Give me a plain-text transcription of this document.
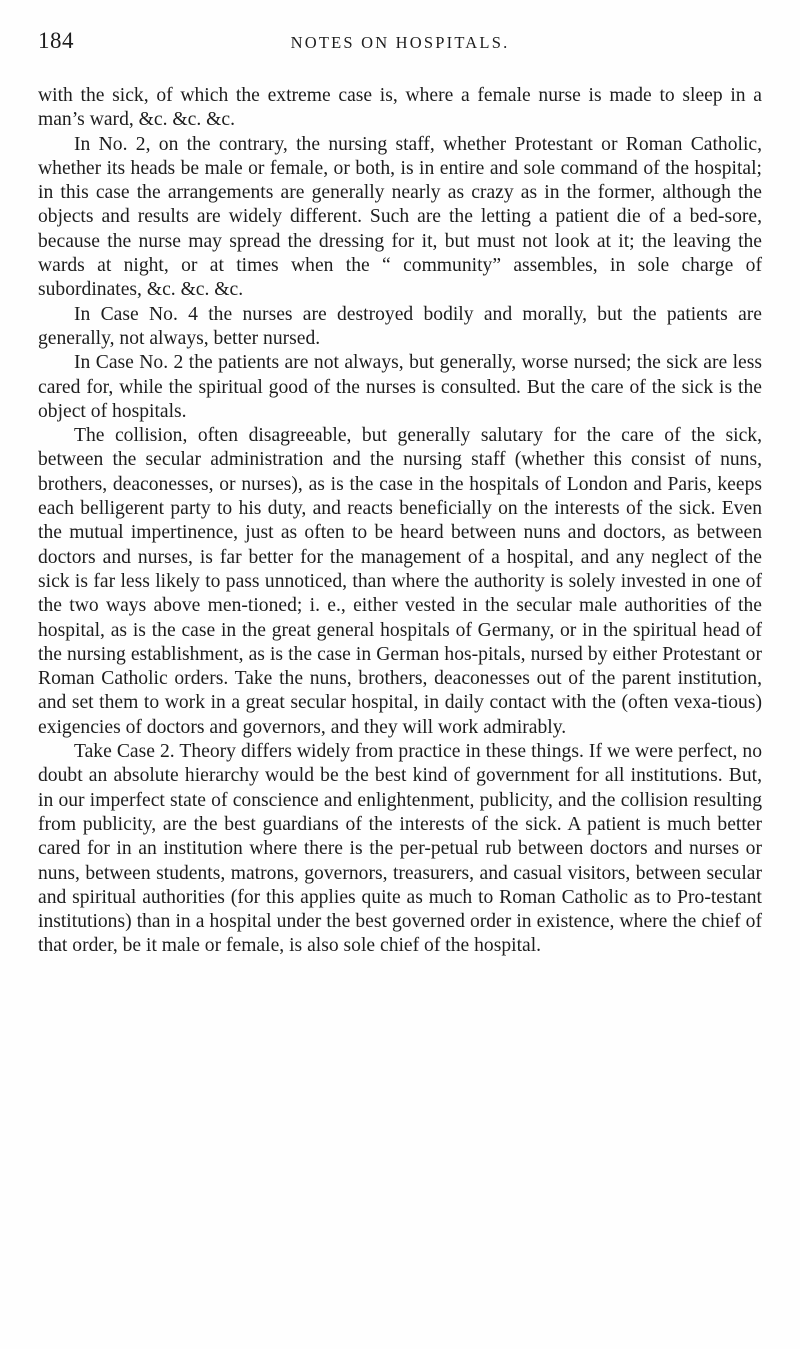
184	NOTES ON HOSPITALS.

with the sick, of which the extreme case is, where a female nurse is made to sleep in a man’s ward, &c. &c. &c.

In No. 2, on the contrary, the nursing staff, whether Protestant or Roman Catholic, whether its heads be male or female, or both, is in entire and sole command of the hospital; in this case the arrangements are generally nearly as crazy as in the former, although the objects and results are widely different. Such are the letting a patient die of a bed-sore, because the nurse may spread the dressing for it, but must not look at it; the leaving the wards at night, or at times when the “ community” assembles, in sole charge of subordinates, &c. &c. &c.

In Case No. 4 the nurses are destroyed bodily and morally, but the patients are generally, not always, better nursed.

In Case No. 2 the patients are not always, but generally, worse nursed; the sick are less cared for, while the spiritual good of the nurses is consulted. But the care of the sick is the object of hospitals.

The collision, often disagreeable, but generally salutary for the care of the sick, between the secular administration and the nursing staff (whether this consist of nuns, brothers, deaconesses, or nurses), as is the case in the hospitals of London and Paris, keeps each belligerent party to his duty, and reacts beneficially on the interests of the sick. Even the mutual impertinence, just as often to be heard between nuns and doctors, as between doctors and nurses, is far better for the management of a hospital, and any neglect of the sick is far less likely to pass unnoticed, than where the authority is solely invested in one of the two ways above men-tioned; i. e., either vested in the secular male authorities of the hospital, as is the case in the great general hospitals of Germany, or in the spiritual head of the nursing establishment, as is the case in German hos-pitals, nursed by either Protestant or Roman Catholic orders. Take the nuns, brothers, deaconesses out of the parent institution, and set them to work in a great secular hospital, in daily contact with the (often vexa-tious) exigencies of doctors and governors, and they will work admirably.

Take Case 2. Theory differs widely from practice in these things. If we were perfect, no doubt an absolute hierarchy would be the best kind of government for all institutions. But, in our imperfect state of conscience and enlightenment, publicity, and the collision resulting from publicity, are the best guardians of the interests of the sick. A patient is much better cared for in an institution where there is the per-petual rub between doctors and nurses or nuns, between students, matrons, governors, treasurers, and casual visitors, between secular and spiritual authorities (for this applies quite as much to Roman Catholic as to Pro-testant institutions) than in a hospital under the best governed order in existence, where the chief of that order, be it male or female, is also sole chief of the hospital.
